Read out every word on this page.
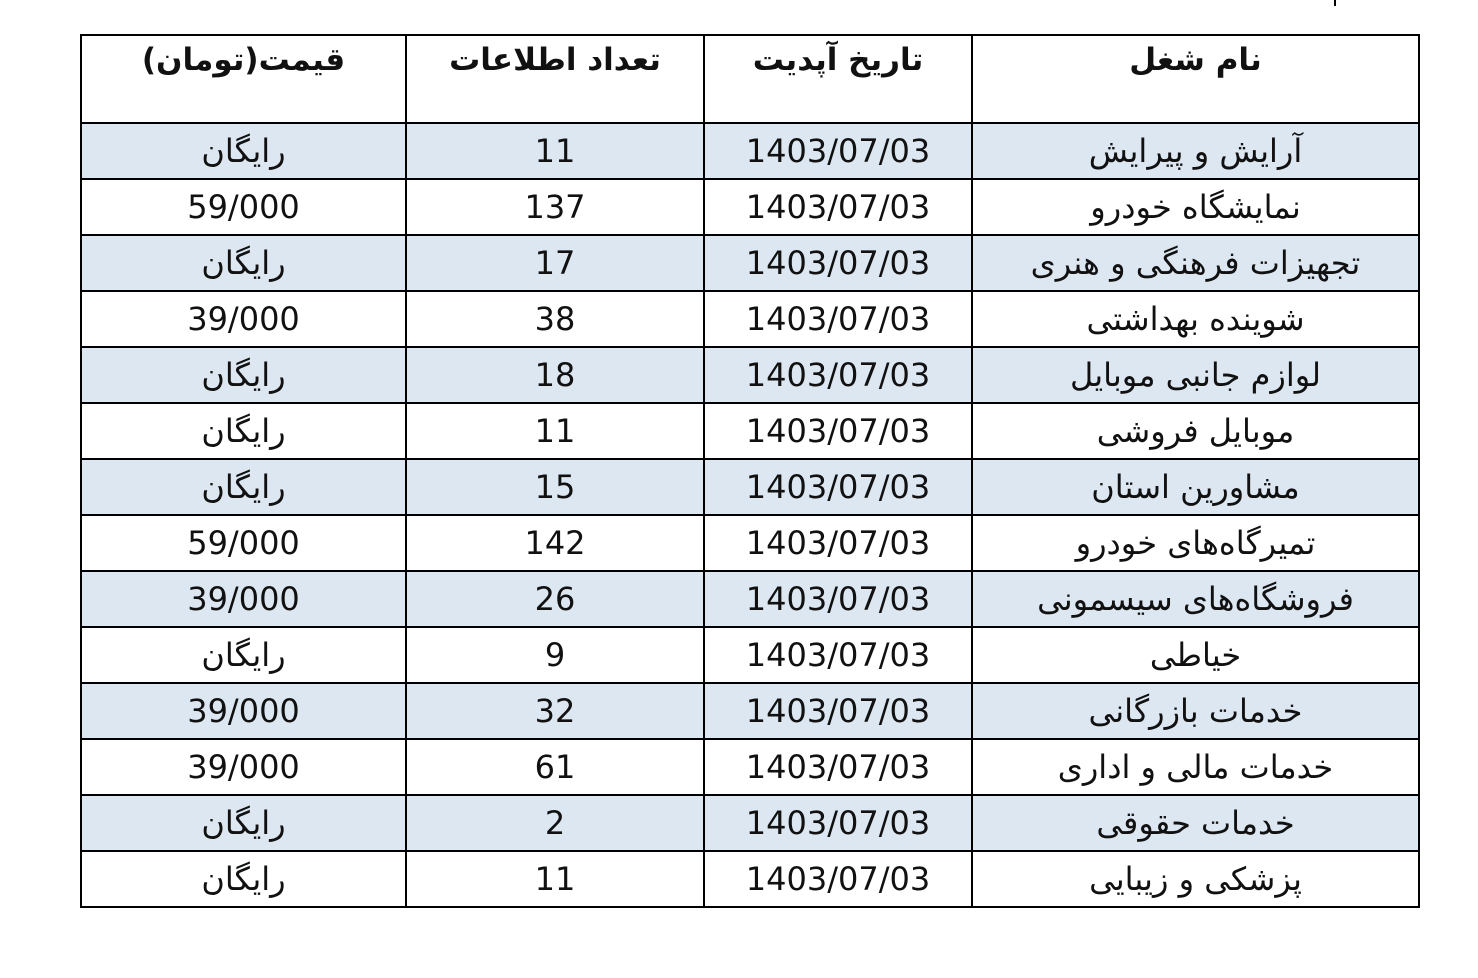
نام شغل	تاریخ آپدیت	تعداد اطلاعات	قیمت(تومان)
آرایش و پیرایش	1403/07/03	11	رایگان
نمایشگاه خودرو	1403/07/03	137	59/000
تجهیزات فرهنگی و هنری	1403/07/03	17	رایگان
شوینده بهداشتی	1403/07/03	38	39/000
لوازم جانبی موبایل	1403/07/03	18	رایگان
موبایل فروشی	1403/07/03	11	رایگان
مشاورین استان	1403/07/03	15	رایگان
تمیرگاه‌های خودرو	1403/07/03	142	59/000
فروشگاه‌های سیسمونی	1403/07/03	26	39/000
خیاطی	1403/07/03	9	رایگان
خدمات بازرگانی	1403/07/03	32	39/000
خدمات مالی و اداری	1403/07/03	61	39/000
خدمات حقوقی	1403/07/03	2	رایگان
پزشکی و زیبایی	1403/07/03	11	رایگان
